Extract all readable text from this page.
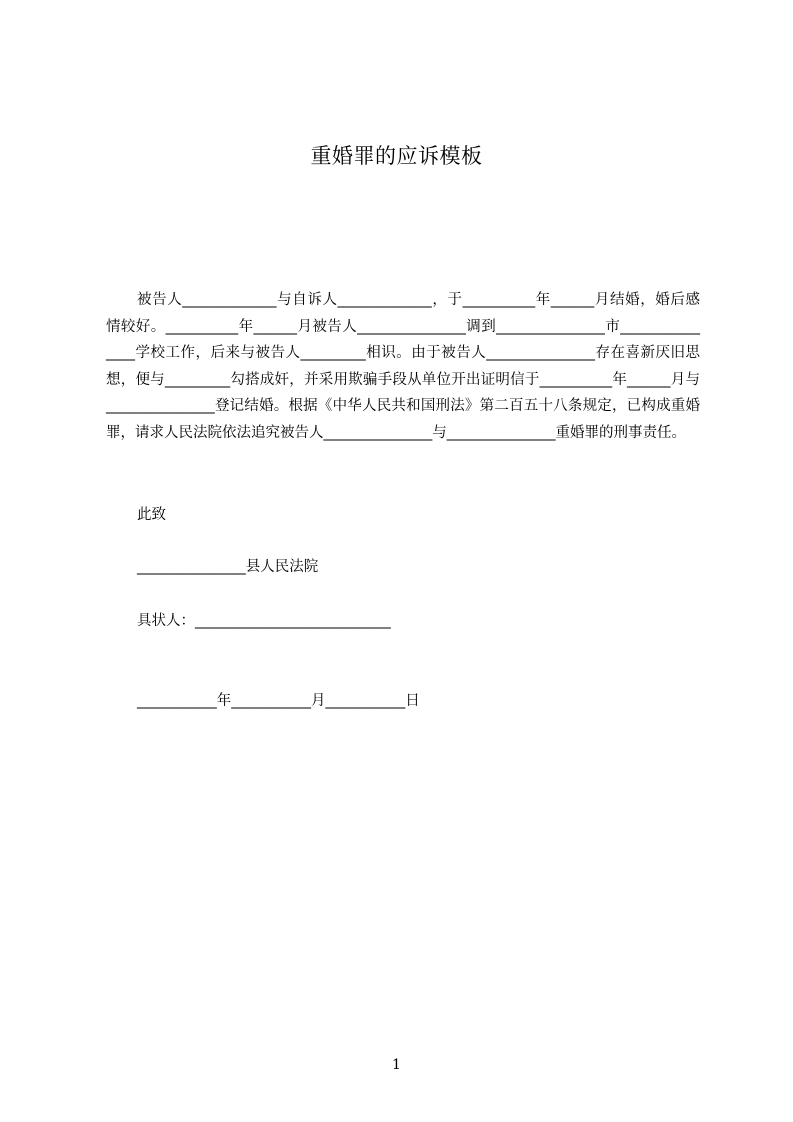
重婚罪的应诉模板
被告人_____________与自诉人_____________，于__________年______月结婚，婚后感情较好。__________年______月被告人_______________调到_______________市_______________学校工作，后来与被告人_________相识。由于被告人_______________存在喜新厌旧思想，便与_________勾搭成奸，并采用欺骗手段从单位开出证明信于__________年______月与_______________登记结婚。根据《中华人民共和国刑法》第二百五十八条规定，已构成重婚罪，请求人民法院依法追究被告人_______________与_______________重婚罪的刑事责任。
此致
_______________县人民法院
具状人：___________________________
___________年___________月___________日
1
